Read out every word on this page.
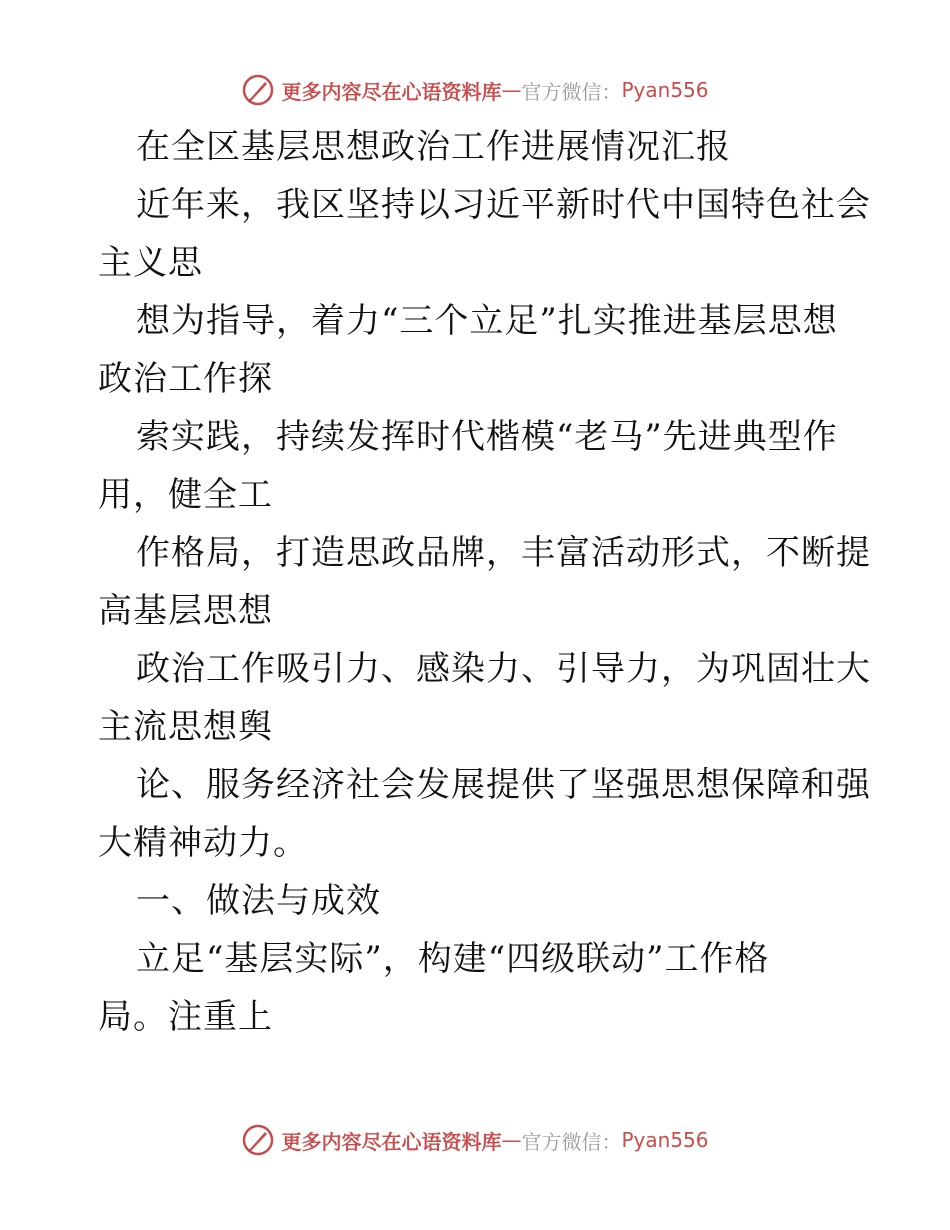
更多内容尽在心语资料库 — 官方微信： Pyan556
在全区基层思想政治工作进展情况汇报
近年来，我区坚持以习近平新时代中国特色社会
主义思
想为指导，着力“三个立足”扎实推进基层思想
政治工作探
索实践，持续发挥时代楷模“老马”先进典型作
用，健全工
作格局，打造思政品牌，丰富活动形式，不断提
高基层思想
政治工作吸引力、感染力、引导力，为巩固壮大
主流思想舆
论、服务经济社会发展提供了坚强思想保障和强
大精神动力。
一、做法与成效
立足“基层实际”，构建“四级联动”工作格
局。注重上
更多内容尽在心语资料库 — 官方微信： Pyan556
